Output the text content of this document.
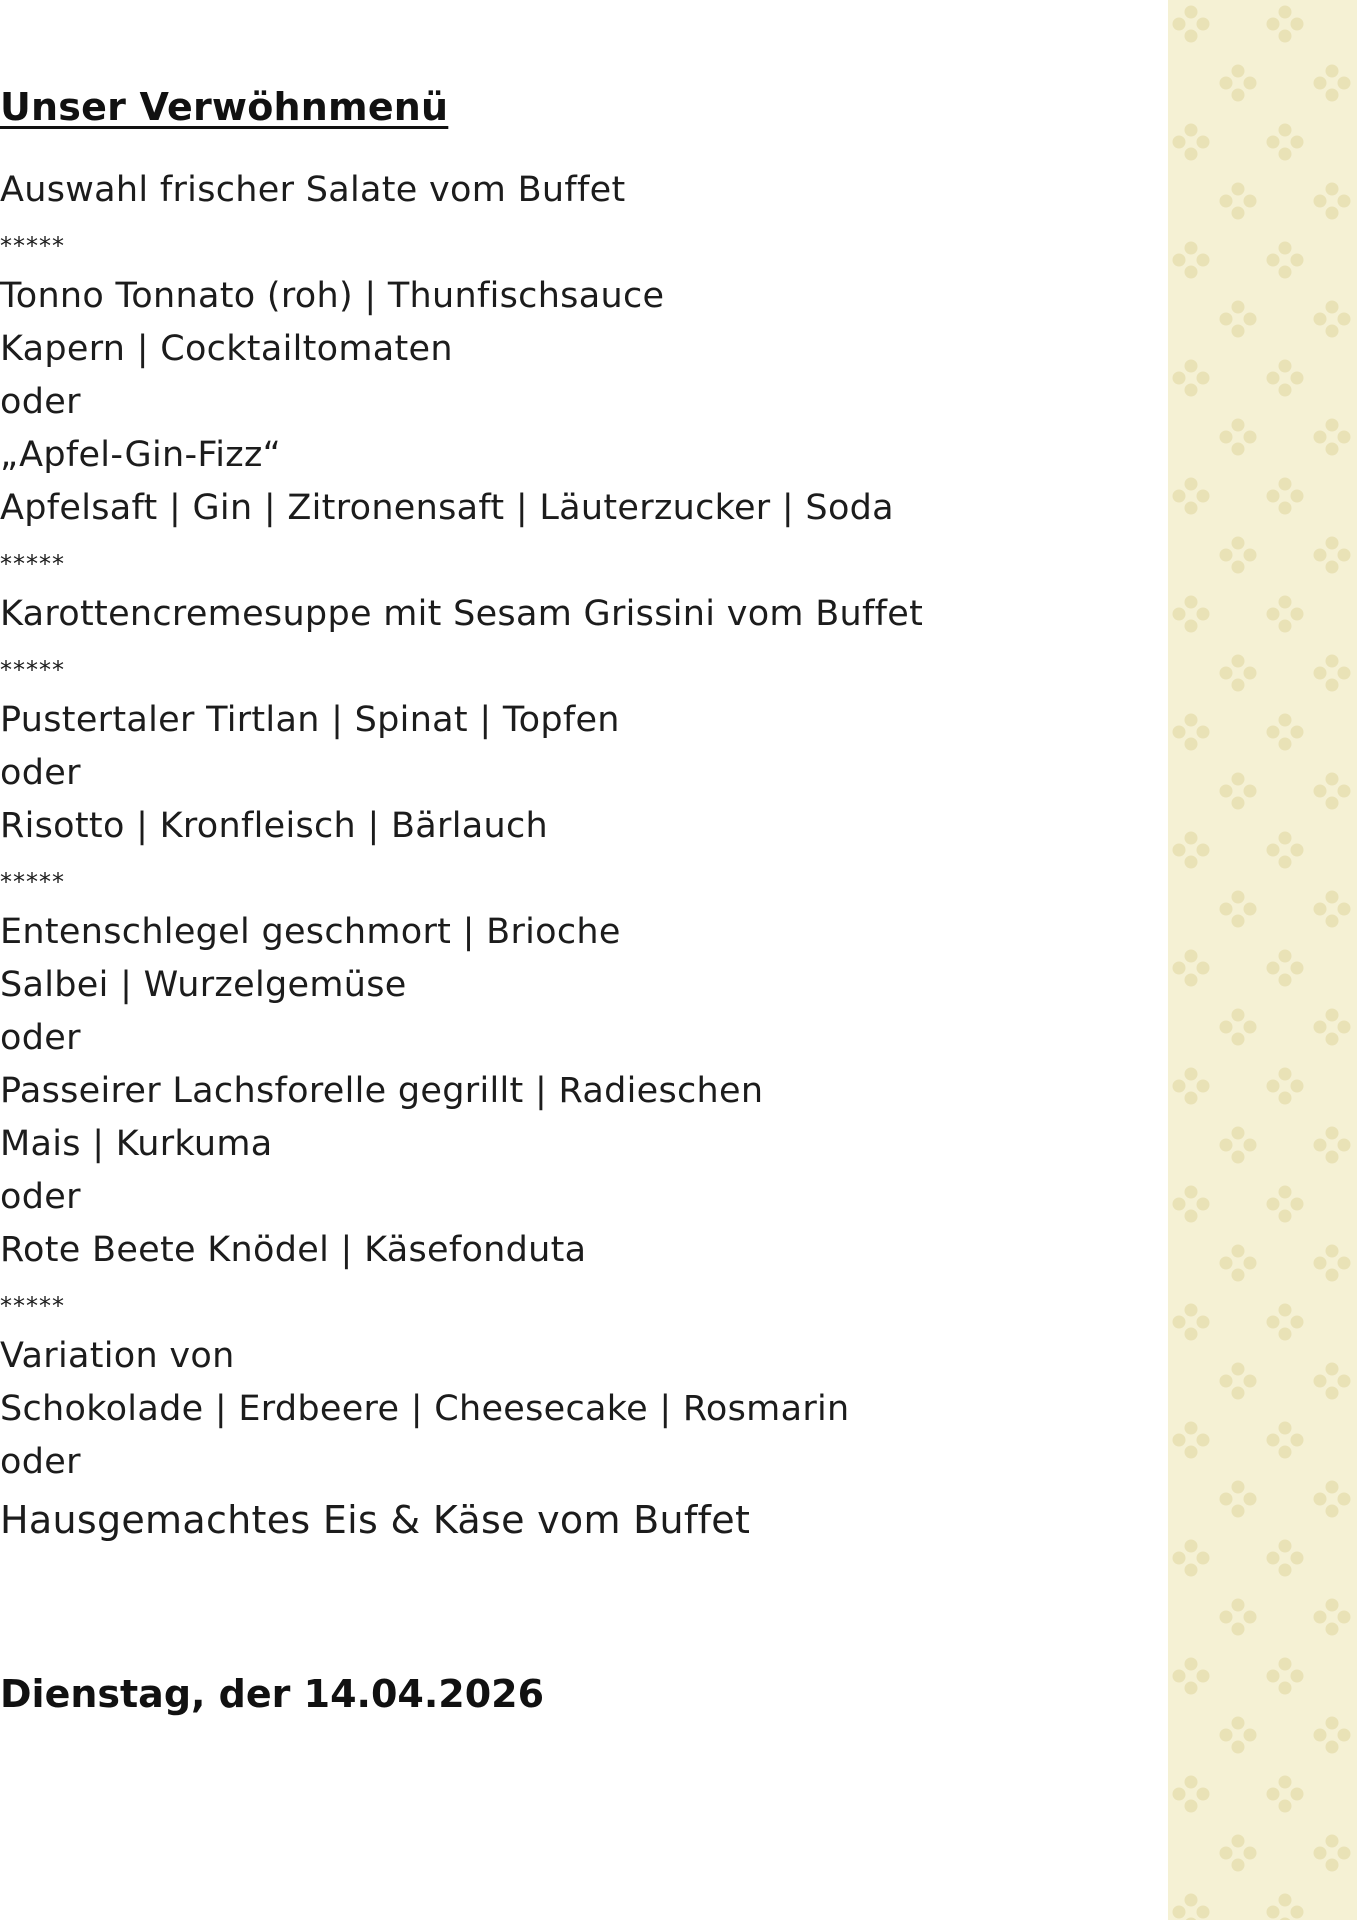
Unser Verwöhnmenü
Auswahl frischer Salate vom Buffet
*****
Tonno Tonnato (roh) | Thunfischsauce
Kapern | Cocktailtomaten
oder
„Apfel-Gin-Fizz“
Apfelsaft | Gin | Zitronensaft | Läuterzucker | Soda
*****
Karottencremesuppe mit Sesam Grissini vom Buffet
*****
Pustertaler Tirtlan | Spinat | Topfen
oder
Risotto | Kronfleisch | Bärlauch
*****
Entenschlegel geschmort | Brioche
Salbei | Wurzelgemüse
oder
Passeirer Lachsforelle gegrillt | Radieschen
Mais | Kurkuma
oder
Rote Beete Knödel | Käsefonduta
*****
Variation von
Schokolade | Erdbeere | Cheesecake | Rosmarin
oder
Hausgemachtes Eis & Käse vom Buffet
Dienstag, der 14.04.2026
